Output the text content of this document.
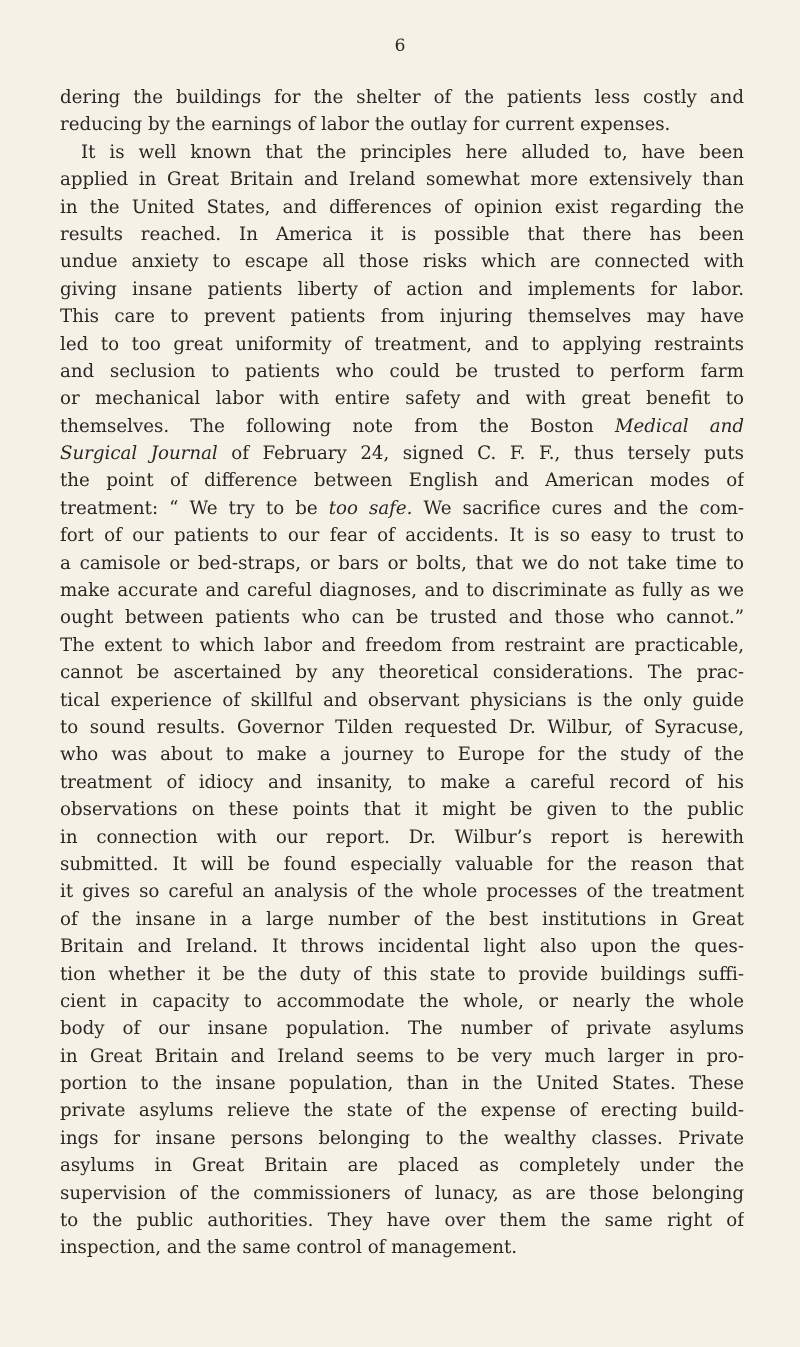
6
dering the buildings for the shelter of the patients less costly and
reducing by the earnings of labor the outlay for current expenses.
It is well known that the principles here alluded to, have been
applied in Great Britain and Ireland somewhat more extensively than
in the United States, and differences of opinion exist regarding the
results reached. In America it is possible that there has been
undue anxiety to escape all those risks which are connected with
giving insane patients liberty of action and implements for labor.
This care to prevent patients from injuring themselves may have
led to too great uniformity of treatment, and to applying restraints
and seclusion to patients who could be trusted to perform farm
or mechanical labor with entire safety and with great benefit to
themselves. The following note from the Boston Medical and
Surgical Journal of February 24, signed C. F. F., thus tersely puts
the point of difference between English and American modes of
treatment: “ We try to be too safe. We sacrifice cures and the com-
fort of our patients to our fear of accidents. It is so easy to trust to
a camisole or bed-straps, or bars or bolts, that we do not take time to
make accurate and careful diagnoses, and to discriminate as fully as we
ought between patients who can be trusted and those who cannot.”
The extent to which labor and freedom from restraint are practicable,
cannot be ascertained by any theoretical considerations. The prac-
tical experience of skillful and observant physicians is the only guide
to sound results. Governor Tilden requested Dr. Wilbur, of Syracuse,
who was about to make a journey to Europe for the study of the
treatment of idiocy and insanity, to make a careful record of his
observations on these points that it might be given to the public
in connection with our report. Dr. Wilbur’s report is herewith
submitted. It will be found especially valuable for the reason that
it gives so careful an analysis of the whole processes of the treatment
of the insane in a large number of the best institutions in Great
Britain and Ireland. It throws incidental light also upon the ques-
tion whether it be the duty of this state to provide buildings suffi-
cient in capacity to accommodate the whole, or nearly the whole
body of our insane population. The number of private asylums
in Great Britain and Ireland seems to be very much larger in pro-
portion to the insane population, than in the United States. These
private asylums relieve the state of the expense of erecting build-
ings for insane persons belonging to the wealthy classes. Private
asylums in Great Britain are placed as completely under the
supervision of the commissioners of lunacy, as are those belonging
to the public authorities. They have over them the same right of
inspection, and the same control of management.
